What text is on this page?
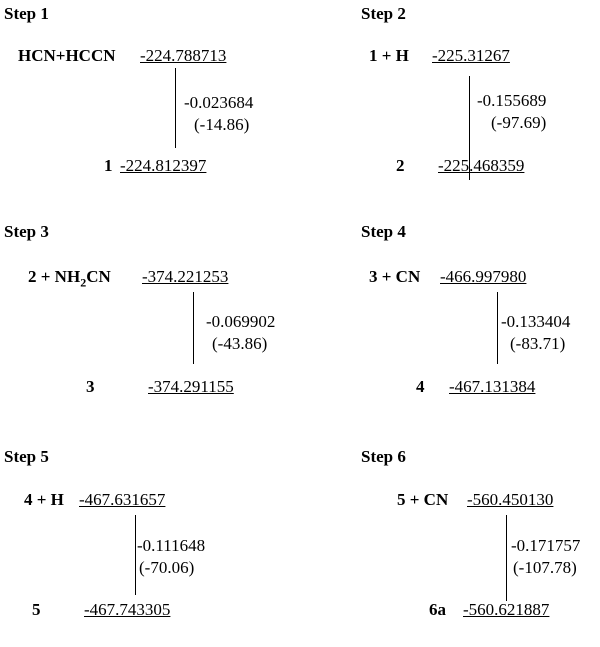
Step 1
HCN+HCCN -224.788713
-0.023684
(-14.86)
1 -224.812397
Step 2
1 + H -225.31267
-0.155689
(-97.69)
2 -225.468359
Step 3
$2 + NH_2CN$ -374.221253
-0.069902
(-43.86)
3	-374.291155
Step 4
3 + CN -466.997980
-0.133404
(-83.71)
4 -467.131384
Step 5
4 + H -467.631657
-0.111648
(-70.06)
5	-467.743305
Step 6
5 + CN -560.450130
-0.171757
(-107.78)
6a -560.621887
